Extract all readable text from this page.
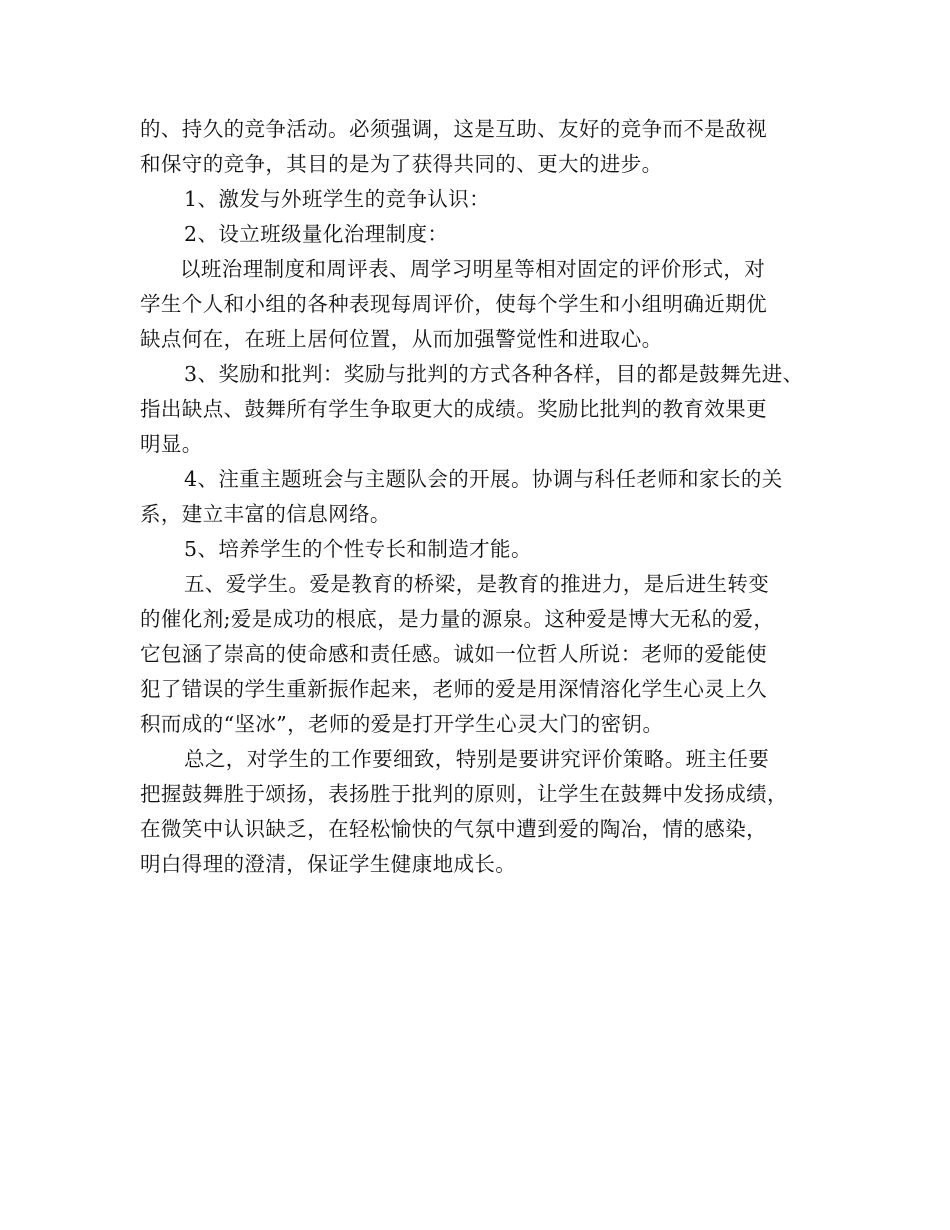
的、持久的竞争活动。必须强调，这是互助、友好的竞争而不是敌视
和保守的竞争，其目的是为了获得共同的、更大的进步。
1、激发与外班学生的竞争认识：
2、设立班级量化治理制度：
以班治理制度和周评表、周学习明星等相对固定的评价形式，对
学生个人和小组的各种表现每周评价，使每个学生和小组明确近期优
缺点何在，在班上居何位置，从而加强警觉性和进取心。
3、奖励和批判：奖励与批判的方式各种各样，目的都是鼓舞先进、
指出缺点、鼓舞所有学生争取更大的成绩。奖励比批判的教育效果更
明显。
4、注重主题班会与主题队会的开展。协调与科任老师和家长的关
系，建立丰富的信息网络。
5、培养学生的个性专长和制造才能。
五、爱学生。爱是教育的桥梁，是教育的推进力，是后进生转变
的催化剂;爱是成功的根底，是力量的源泉。这种爱是博大无私的爱，
它包涵了崇高的使命感和责任感。诚如一位哲人所说：老师的爱能使
犯了错误的学生重新振作起来，老师的爱是用深情溶化学生心灵上久
积而成的“坚冰”，老师的爱是打开学生心灵大门的密钥。
总之，对学生的工作要细致，特别是要讲究评价策略。班主任要
把握鼓舞胜于颂扬，表扬胜于批判的原则，让学生在鼓舞中发扬成绩，
在微笑中认识缺乏，在轻松愉快的气氛中遭到爱的陶冶，情的感染，
明白得理的澄清，保证学生健康地成长。
